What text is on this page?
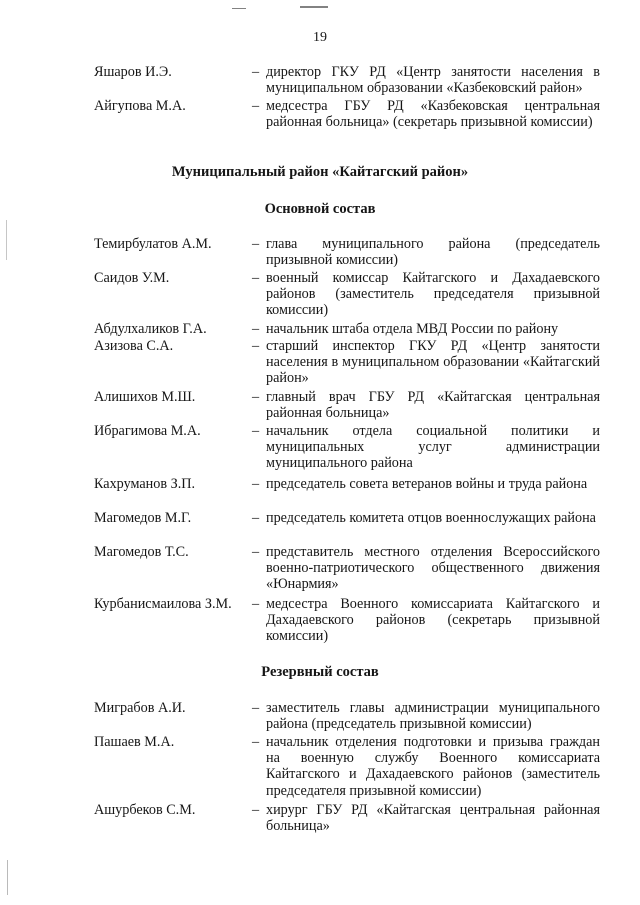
19
Яшаров И.Э.	– директор ГКУ РД «Центр занятости населения в муниципальном образовании «Казбековский район»
Айгупова М.А.	– медсестра ГБУ РД «Казбековская центральная районная больница» (секретарь призывной комиссии)
Муниципальный район «Кайтагский район»
Основной состав
Темирбулатов А.М.	– глава муниципального района (председатель призывной комиссии)
Саидов У.М.	– военный комиссар Кайтагского и Дахадаевского районов (заместитель председателя призывной комиссии)
Абдулхаликов Г.А.	– начальник штаба отдела МВД России по району
Азизова С.А.	– старший инспектор ГКУ РД «Центр занятости населения в муниципальном образовании «Кайтагский район»
Алишихов М.Ш.	– главный врач ГБУ РД «Кайтагская центральная районная больница»
Ибрагимова М.А.	– начальник отдела социальной политики и муниципальных услуг администрации муниципального района
Кахруманов З.П.	– председатель совета ветеранов войны и труда района
Магомедов М.Г.	– председатель комитета отцов военнослужащих района
Магомедов Т.С.	– представитель местного отделения Всероссийского военно-патриотического общественного движения «Юнармия»
Курбанисмаилова З.М. – медсестра Военного комиссариата Кайтагского и Дахадаевского районов (секретарь призывной комиссии)
Резервный состав
Миграбов А.И.	– заместитель главы администрации муниципального района (председатель призывной комиссии)
Пашаев М.А.	– начальник отделения подготовки и призыва граждан на военную службу Военного комиссариата Кайтагского и Дахадаевского районов (заместитель председателя призывной комиссии)
Ашурбеков С.М.	– хирург ГБУ РД «Кайтагская центральная районная больница»
